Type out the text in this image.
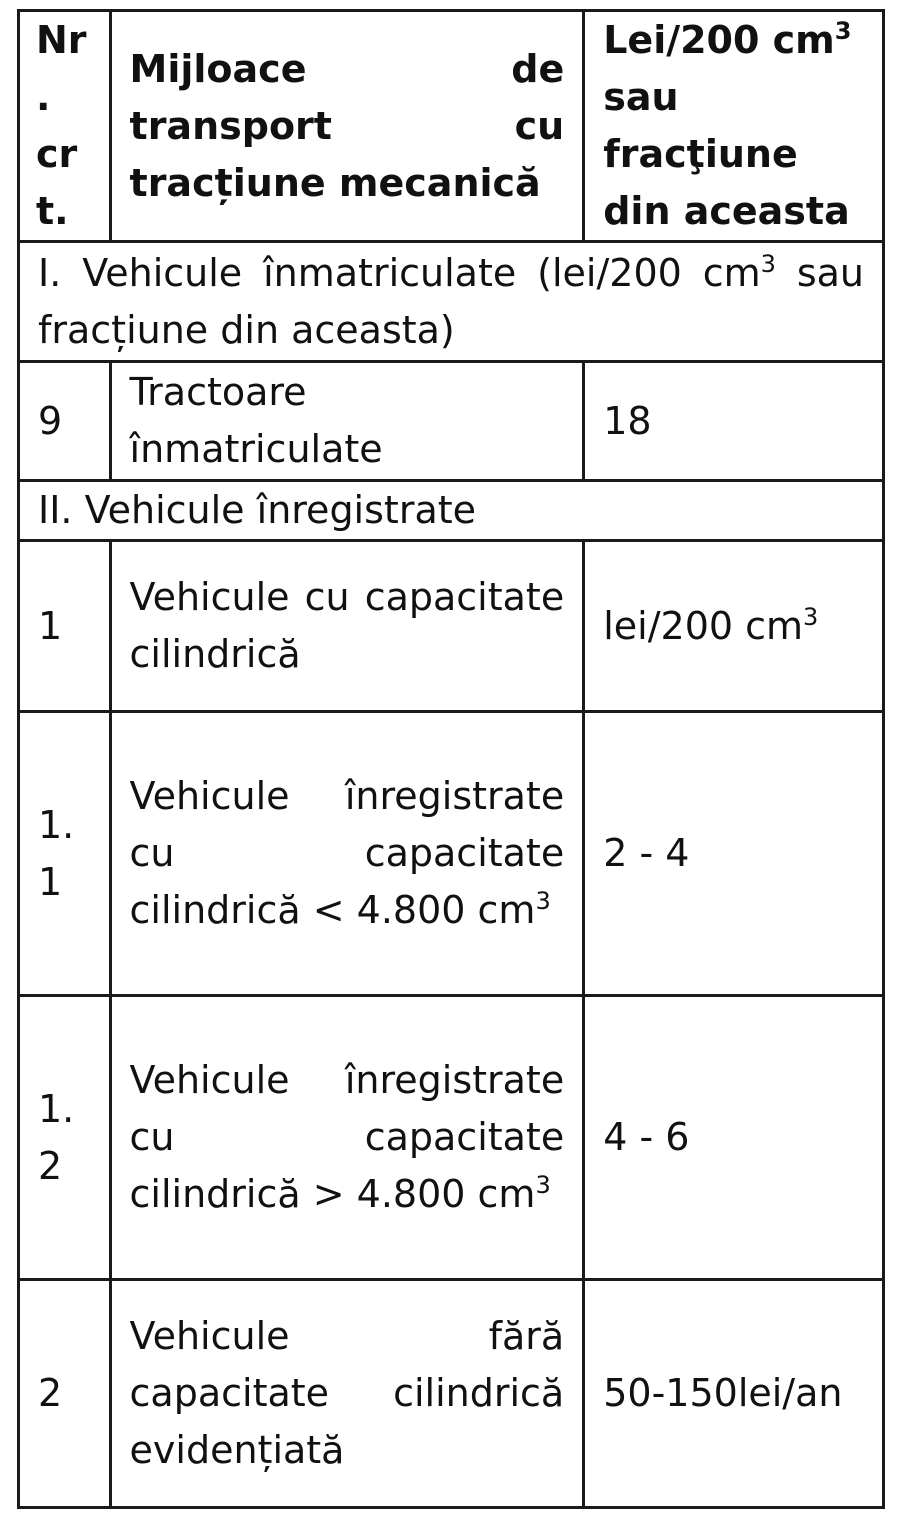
Nr. crt.	Mijloace de transport cu tracțiune mecanică	Lei/200 $cm^3$ sau fracţiune din aceasta
I. Vehicule înmatriculate (lei/200 $cm^3$ sau fracțiune din aceasta)		
9	Tractoare înmatriculate	18
II. Vehicule înregistrate		
1	Vehicule cu capacitate cilindrică	lei/200 $cm^3$
1.1	Vehicule înregistrate cu capacitate cilindrică < 4.800 $cm^3$	2 - 4
1.2	Vehicule înregistrate cu capacitate cilindrică > 4.800 $cm^3$	4 - 6
2	Vehicule fără capacitate cilindrică evidențiată	50-150lei/an
